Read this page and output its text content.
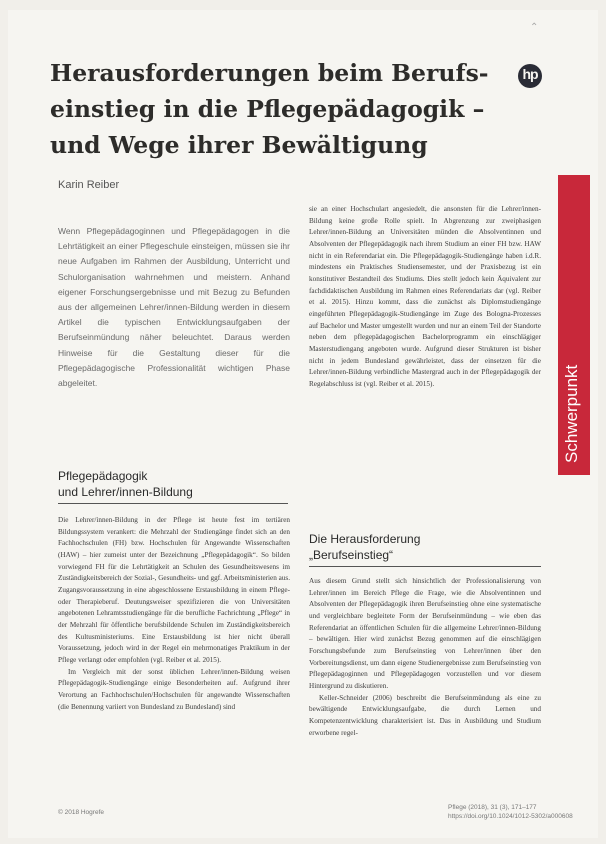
⌃
Herausforderungen beim Berufs-
einstieg in die Pflegepädagogik –
und Wege ihrer Bewältigung
hp
Karin Reiber
Wenn Pflegepädagoginnen und Pflegepädagogen in die Lehrtätigkeit an einer Pflegeschule einsteigen, müssen sie ihr neue Aufgaben im Rahmen der Ausbildung, Unterricht und Schulorganisation wahrnehmen und meistern. Anhand eigener Forschungsergebnisse und mit Bezug zu Befunden aus der allgemeinen Lehrer/innen-Bildung werden in diesem Artikel die typischen Entwicklungsaufgaben der Berufseinmündung näher beleuchtet. Daraus werden Hinweise für die Gestaltung dieser für die Pflegepädagogische Professionalität wichtigen Phase abgeleitet.
Pflegepädagogik
und Lehrer/innen-Bildung

Die Lehrer/innen-Bildung in der Pflege ist heute fest im tertiären Bildungssystem verankert: die Mehrzahl der Studiengänge findet sich an den Fachhochschulen (FH) bzw. Hochschulen für Angewandte Wissenschaften (HAW) – hier zumeist unter der Bezeichnung „Pflegepädagogik“. So bilden vorwiegend FH für die Lehrtätigkeit an Schulen des Gesundheitswesens im Zuständigkeitsbereich der Sozial-, Gesundheits- und ggf. Arbeitsministerien aus. Zugangsvoraussetzung in eine abgeschlossene Erstausbildung in einem Pflege- oder Therapieberuf. Deutungsweiser spezifizieren die von Universitäten angebotenen Lehramtsstudiengänge für die berufliche Fachrichtung „Pflege“ in der Mehrzahl für öffentliche berufsbildende Schulen im Zuständigkeitsbereich des Kultusministeriums. Eine Erstausbildung ist hier nicht überall Voraussetzung, jedoch wird in der Regel ein mehrmonatiges Praktikum in der Pflege verlangt oder empfohlen (vgl. Reiber et al. 2015).

Im Vergleich mit der sonst üblichen Lehrer/innen-Bildung weisen Pflegepädagogik-Studiengänge einige Besonderheiten auf. Aufgrund ihrer Verortung an Fachhochschulen/Hochschulen für angewandte Wissenschaften (die Benennung variiert von Bundesland zu Bundesland) sind

sie an einer Hochschulart angesiedelt, die ansonsten für die Lehrer/innen-Bildung keine große Rolle spielt. In Abgrenzung zur zweiphasigen Lehrer/innen-Bildung an Universitäten münden die Absolventinnen und Absolventen der Pflegepädagogik nach ihrem Studium an einer FH bzw. HAW nicht in ein Referendariat ein. Die Pflegepädagogik-Studiengänge haben i.d.R. mindestens ein Praktisches Studiensemester, und der Praxisbezug ist ein konstitutiver Bestandteil des Studiums. Dies stellt jedoch kein Äquivalent zur fachdidaktischen Ausbildung im Rahmen eines Referendariats dar (vgl. Reiber et al. 2015). Hinzu kommt, dass die zunächst als Diplomstudiengänge eingeführten Pflegepädagogik-Studiengänge im Zuge des Bologna-Prozesses auf Bachelor und Master umgestellt wurden und nur an einem Teil der Standorte neben dem pflegepädagogischen Bachelorprogramm ein einschlägiger Masterstudiengang angeboten wurde. Aufgrund dieser Strukturen ist bisher nicht in jedem Bundesland gewährleistet, dass der einsetzen für die Lehrer/innen-Bildung verbindliche Mastergrad auch in der Pflegepädagogik der Regelabschluss ist (vgl. Reiber et al. 2015).

Die Herausforderung
„Berufseinstieg“

Aus diesem Grund stellt sich hinsichtlich der Professionalisierung von Lehrer/innen im Bereich Pflege die Frage, wie die Absolventinnen und Absolventen der Pflegepädagogik ihren Berufseinstieg ohne eine systematische und vergleichbare begleitete Form der Berufseinmündung – wie eben das Referendariat an öffentlichen Schulen für die allgemeine Lehrer/innen-Bildung – bewältigen. Hier wird zunächst Bezug genommen auf die einschlägigen Forschungsbefunde zum Berufseinstieg von Lehrer/innen über den Vorbereitungsdienst, um dann eigene Studienergebnisse zum Berufseinstieg von Pflegepädagoginnen und Pflegepädagogen vorzustellen und vor diesem Hintergrund zu diskutieren.

Keller-Schneider (2006) beschreibt die Berufseinmündung als eine zu bewältigende Entwicklungsaufgabe, die durch Lernen und Kompetenzentwicklung charakterisiert ist. Das in Ausbildung und Studium erworbene regel-

Schwerpunkt
© 2018 Hogrefe
Pflege (2018), 31 (3), 171–177
https://doi.org/10.1024/1012-5302/a000608
